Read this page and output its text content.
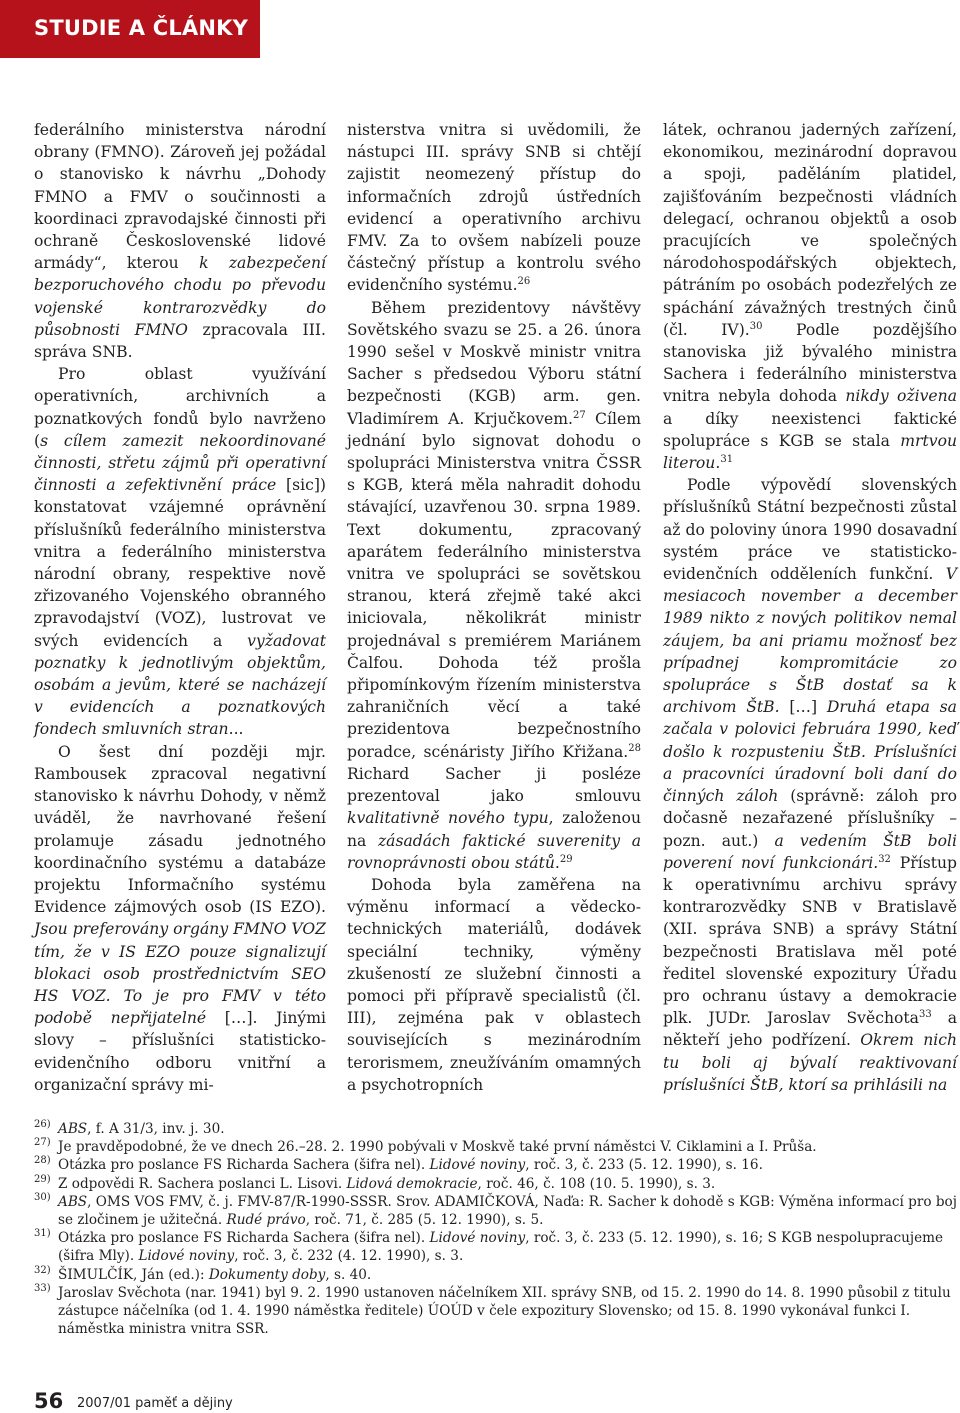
STUDIE A ČLÁNKY

federálního ministerstva národní obrany (FMNO). Zároveň jej požádal o stanovisko k návrhu „Dohody FMNO a FMV o součinnosti a koordinaci zpravodajské činnosti při ochraně Československé lidové armády“, kterou k zabezpečení bezporuchového chodu po převodu vojenské kontrarozvědky do působnosti FMNO zpracovala III. správa SNB.

Pro oblast využívání operativních, archivních a poznatkových fondů bylo navrženo (s cílem zamezit nekoordinované činnosti, střetu zájmů při operativní činnosti a zefektivnění práce [sic]) konstatovat vzájemné oprávnění příslušníků federálního ministerstva vnitra a federálního ministerstva národní obrany, respektive nově zřizovaného Vojenského obranného zpravodajství (VOZ), lustrovat ve svých evidencích a vyžadovat poznatky k jednotlivým objektům, osobám a jevům, které se nacházejí v evidencích a poznatkových fondech smluvních stran...

O šest dní později mjr. Rambousek zpracoval negativní stanovisko k návrhu Dohody, v němž uváděl, že navrhované řešení prolamuje zásadu jednotného koordinačního systému a databáze projektu Informačního systému Evidence zájmových osob (IS EZO). Jsou preferovány orgány FMNO VOZ tím, že v IS EZO pouze signalizují blokaci osob prostřednictvím SEO HS VOZ. To je pro FMV v této podobě nepřijatelné […]. Jinými slovy – příslušníci statisticko-evidenčního odboru vnitřní a organizační správy mi-

nisterstva vnitra si uvědomili, že nástupci III. správy SNB si chtějí zajistit neomezený přístup do informačních zdrojů ústředních evidencí a operativního archivu FMV. Za to ovšem nabízeli pouze částečný přístup a kontrolu svého evidenčního systému.$^{26}$

Během prezidentovy návštěvy Sovětského svazu se 25. a 26. února 1990 sešel v Moskvě ministr vnitra Sacher s předsedou Výboru státní bezpečnosti (KGB) arm. gen. Vladimírem A. Krjučkovem.$^{27}$ Cílem jednání bylo signovat dohodu o spolupráci Ministerstva vnitra ČSSR s KGB, která měla nahradit dohodu stávající, uzavřenou 30. srpna 1989. Text dokumentu, zpracovaný aparátem federálního ministerstva vnitra ve spolupráci se sovětskou stranou, která zřejmě také akci iniciovala, několikrát ministr projednával s premiérem Mariánem Čalfou. Dohoda též prošla připomínkovým řízením ministerstva zahraničních věcí a také prezidentova bezpečnostního poradce, scénáristy Jiřího Křižana.$^{28}$ Richard Sacher ji posléze prezentoval jako smlouvu kvalitativně nového typu, založenou na zásadách faktické suverenity a rovnoprávnosti obou států.$^{29}$

Dohoda byla zaměřena na výměnu informací a vědecko-technických materiálů, dodávek speciální techniky, výměny zkušeností ze služební činnosti a pomoci při přípravě specialistů (čl. III), zejména pak v oblastech souvisejících s mezinárodním terorismem, zneužíváním omamných a psychotropních

látek, ochranou jaderných zařízení, ekonomikou, mezinárodní dopravou a spoji, paděláním platidel, zajišťováním bezpečnosti vládních delegací, ochranou objektů a osob pracujících ve společných národohospodářských objektech, pátráním po osobách podezřelých ze spáchání závažných trestných činů (čl. IV).$^{30}$ Podle pozdějšího stanoviska již bývalého ministra Sachera i federálního ministerstva vnitra nebyla dohoda nikdy oživena a díky neexistenci faktické spolupráce s KGB se stala mrtvou literou.$^{31}$

Podle výpovědí slovenských příslušníků Státní bezpečnosti zůstal až do poloviny února 1990 dosavadní systém práce ve statisticko-evidenčních odděleních funkční. V mesiacoch november a december 1989 nikto z nových politikov nemal záujem, ba ani priamu možnosť bez prípadnej kompromitácie zo spolupráce s ŠtB dostať sa k archivom ŠtB. […] Druhá etapa sa začala v polovici februára 1990, keď došlo k rozpusteniu ŠtB. Príslušníci a pracovníci úradovní boli daní do činných záloh (správně: záloh pro dočasně nezařazené příslušníky – pozn. aut.) a vedením ŠtB boli poverení noví funkcionári.$^{32}$ Přístup k operativnímu archivu správy kontrarozvědky SNB v Bratislavě (XII. správa SNB) a správy Státní bezpečnosti Bratislava měl poté ředitel slovenské expozitury Úřadu pro ochranu ústavy a demokracie plk. JUDr. Jaroslav Svěchota$^{33}$ a někteří jeho podřízení. Okrem nich tu boli aj bývalí reaktivovaní príslušníci ŠtB, ktorí sa prihlásili na

26) ABS, f. A 31/3, inv. j. 30.
27) Je pravděpodobné, že ve dnech 26.–28. 2. 1990 pobývali v Moskvě také první náměstci V. Ciklamini a I. Průša.
28) Otázka pro poslance FS Richarda Sachera (šifra nel). Lidové noviny, roč. 3, č. 233 (5. 12. 1990), s. 16.
29) Z odpovědi R. Sachera poslanci L. Lisovi. Lidová demokracie, roč. 46, č. 108 (10. 5. 1990), s. 3.
30) ABS, OMS VOS FMV, č. j. FMV-87/R-1990-SSSR. Srov. ADAMIČKOVÁ, Naďa: R. Sacher k dohodě s KGB: Výměna informací pro boj se zločinem je užitečná. Rudé právo, roč. 71, č. 285 (5. 12. 1990), s. 5.
31) Otázka pro poslance FS Richarda Sachera (šifra nel). Lidové noviny, roč. 3, č. 233 (5. 12. 1990), s. 16; S KGB nespolupracujeme (šifra Mly). Lidové noviny, roč. 3, č. 232 (4. 12. 1990), s. 3.
32) ŠIMULČÍK, Ján (ed.): Dokumenty doby, s. 40.
33) Jaroslav Svěchota (nar. 1941) byl 9. 2. 1990 ustanoven náčelníkem XII. správy SNB, od 15. 2. 1990 do 14. 8. 1990 působil z titulu zástupce náčelníka (od 1. 4. 1990 náměstka ředitele) ÚOÚD v čele expozitury Slovensko; od 15. 8. 1990 vykonával funkci I. náměstka ministra vnitra SSR.
56 2007/01 paměť a dějiny
